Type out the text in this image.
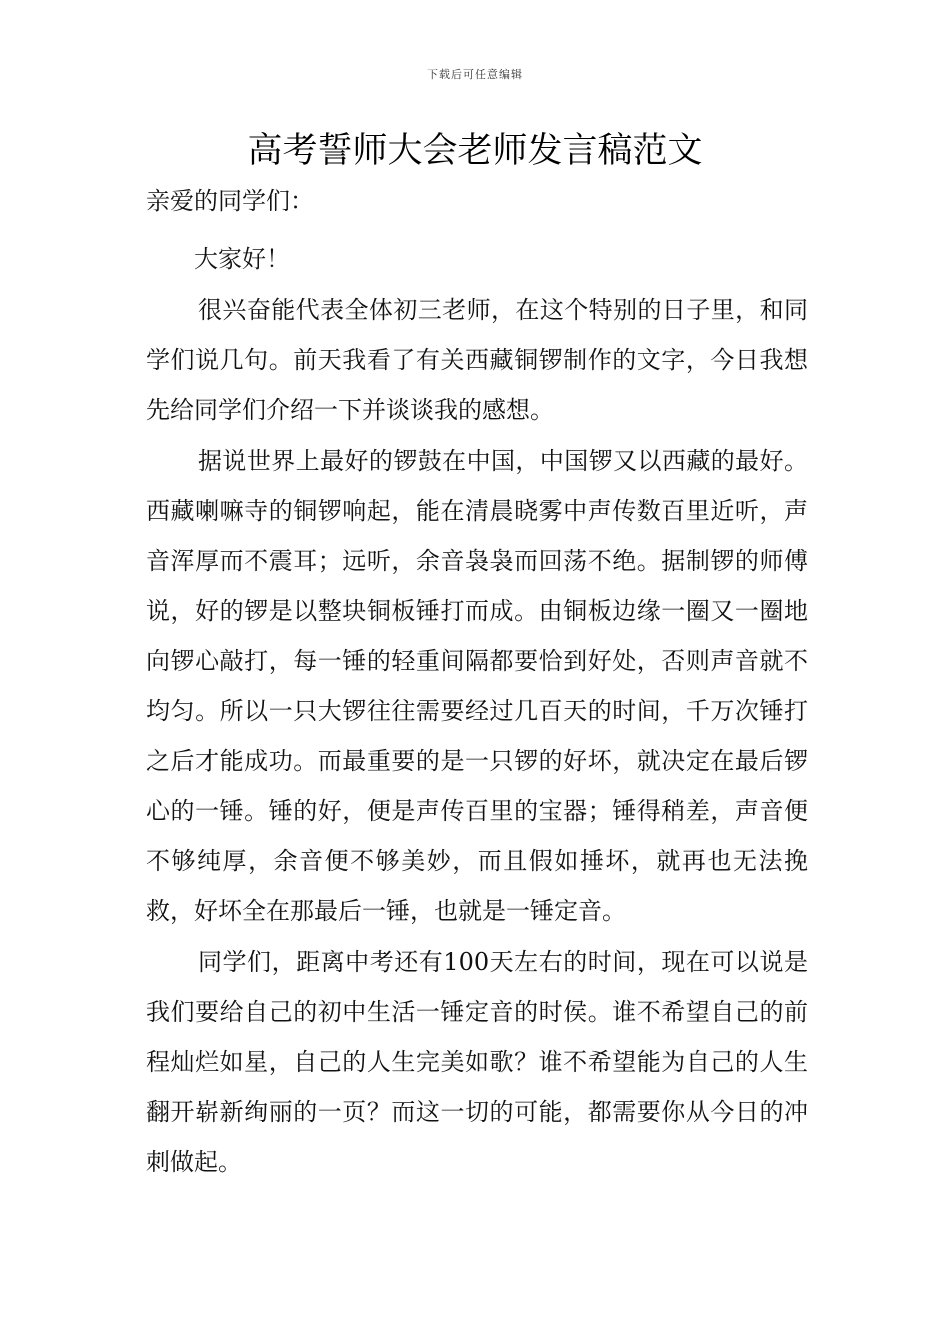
下载后可任意编辑
高考誓师大会老师发言稿范文

亲爱的同学们：

大家好！

很兴奋能代表全体初三老师，在这个特别的日子里，和同学们说几句。前天我看了有关西藏铜锣制作的文字，今日我想先给同学们介绍一下并谈谈我的感想。

据说世界上最好的锣鼓在中国，中国锣又以西藏的最好。西藏喇嘛寺的铜锣响起，能在清晨晓雾中声传数百里近听，声音浑厚而不震耳；远听，余音袅袅而回荡不绝。据制锣的师傅说，好的锣是以整块铜板锤打而成。由铜板边缘一圈又一圈地向锣心敲打，每一锤的轻重间隔都要恰到好处，否则声音就不均匀。所以一只大锣往往需要经过几百天的时间，千万次锤打之后才能成功。而最重要的是一只锣的好坏，就决定在最后锣心的一锤。锤的好，便是声传百里的宝器；锤得稍差，声音便不够纯厚，余音便不够美妙，而且假如捶坏，就再也无法挽救，好坏全在那最后一锤，也就是一锤定音。

同学们，距离中考还有100天左右的时间，现在可以说是我们要给自己的初中生活一锤定音的时侯。谁不希望自己的前程灿烂如星，自己的人生完美如歌？谁不希望能为自己的人生翻开崭新绚丽的一页？而这一切的可能，都需要你从今日的冲刺做起。
